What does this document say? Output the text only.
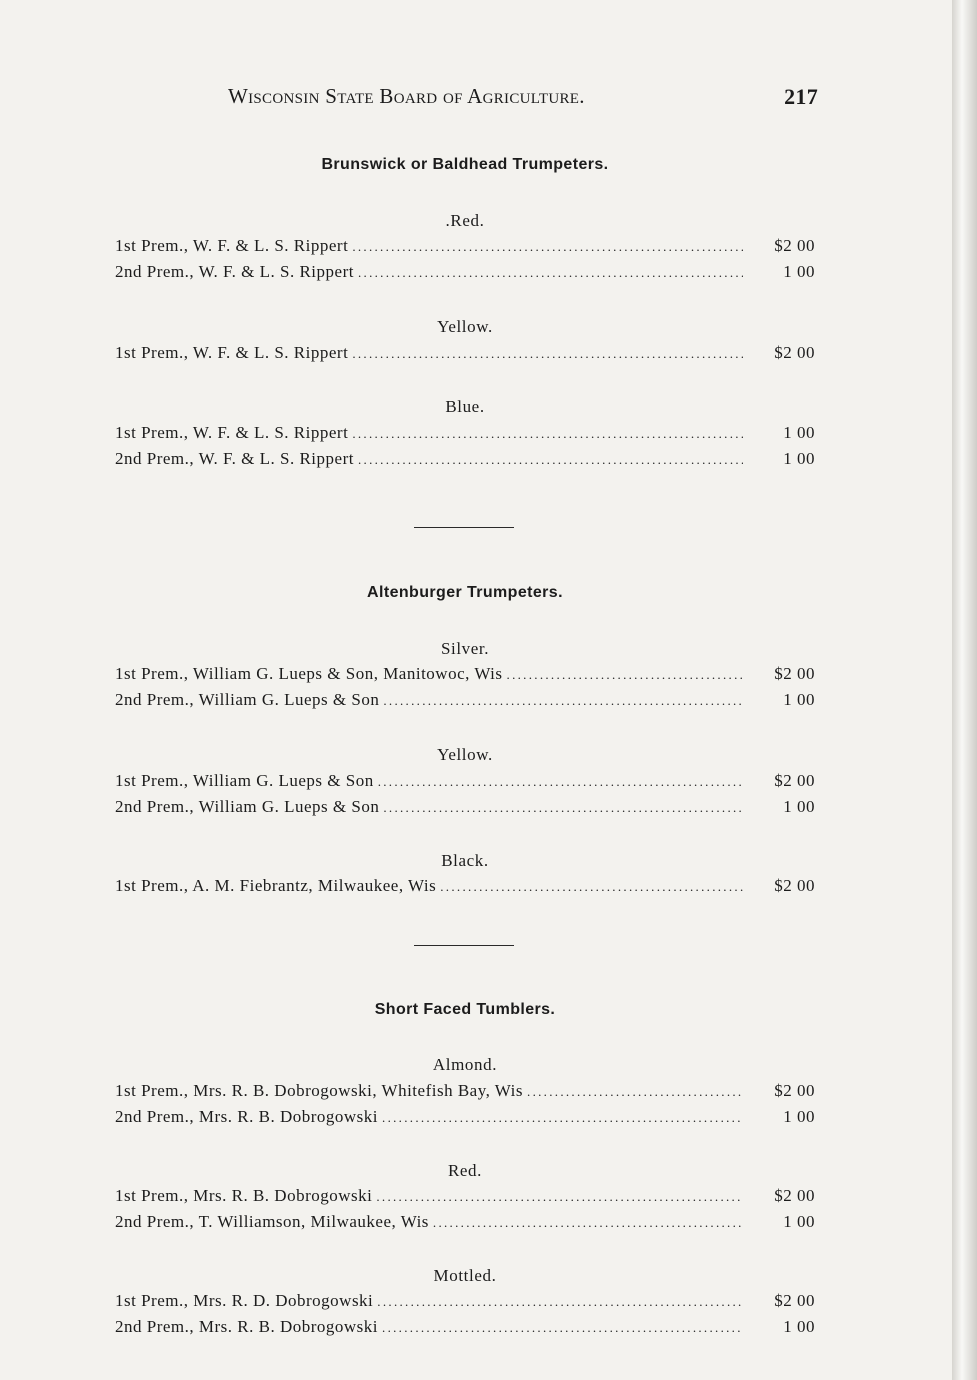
Wisconsin State Board of Agriculture.	217
Brunswick or Baldhead Trumpeters.
.Red.
1st Prem., W. F. & L. S. Rippert .....	$2 00
2nd Prem., W. F. & L. S. Rippert .....	1 00
Yellow.
1st Prem., W. F. & L. S. Rippert .....	$2 00
Blue.
1st Prem., W. F. & L. S. Rippert .....	1 00
2nd Prem., W. F. & L. S. Rippert .....	1 00
Altenburger Trumpeters.
Silver.
1st Prem., William G. Lueps & Son, Manitowoc, Wis .....	$2 00
2nd Prem., William G. Lueps & Son .....	1 00
Yellow.
1st Prem., William G. Lueps & Son .....	$2 00
2nd Prem., William G. Lueps & Son .....	1 00
Black.
1st Prem., A. M. Fiebrantz, Milwaukee, Wis .....	$2 00
Short Faced Tumblers.
Almond.
1st Prem., Mrs. R. B. Dobrogowski, Whitefish Bay, Wis .....	$2 00
2nd Prem., Mrs. R. B. Dobrogowski .....	1 00
Red.
1st Prem., Mrs. R. B. Dobrogowski .....	$2 00
2nd Prem., T. Williamson, Milwaukee, Wis .....	1 00
Mottled.
1st Prem., Mrs. R. D. Dobrogowski .....	$2 00
2nd Prem., Mrs. R. B. Dobrogowski .....	1 00
